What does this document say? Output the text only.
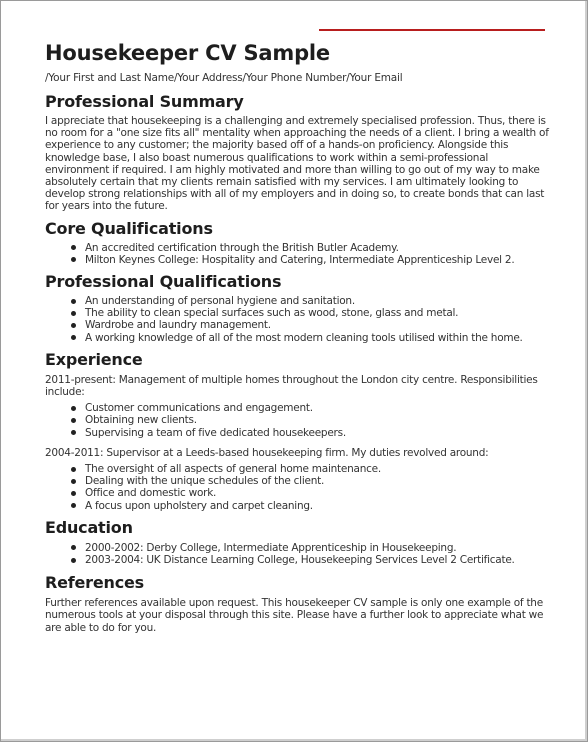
Housekeeper CV Sample
/Your First and Last Name/Your Address/Your Phone Number/Your Email
Professional Summary

I appreciate that housekeeping is a challenging and extremely specialised profession. Thus, there is no room for a "one size fits all" mentality when approaching the needs of a client. I bring a wealth of experience to any customer; the majority based off of a hands-on proficiency. Alongside this knowledge base, I also boast numerous qualifications to work within a semi-professional environment if required. I am highly motivated and more than willing to go out of my way to make absolutely certain that my clients remain satisfied with my services. I am ultimately looking to develop strong relationships with all of my employers and in doing so, to create bonds that can last for years into the future.

Core Qualifications
An accredited certification through the British Butler Academy.
Milton Keynes College: Hospitality and Catering, Intermediate Apprenticeship Level 2.
Professional Qualifications
An understanding of personal hygiene and sanitation.
The ability to clean special surfaces such as wood, stone, glass and metal.
Wardrobe and laundry management.
A working knowledge of all of the most modern cleaning tools utilised within the home.
Experience

2011-present: Management of multiple homes throughout the London city centre. Responsibilities include:

Customer communications and engagement.
Obtaining new clients.
Supervising a team of five dedicated housekeepers.

2004-2011: Supervisor at a Leeds-based housekeeping firm. My duties revolved around:

The oversight of all aspects of general home maintenance.
Dealing with the unique schedules of the client.
Office and domestic work.
A focus upon upholstery and carpet cleaning.
Education
2000-2002: Derby College, Intermediate Apprenticeship in Housekeeping.
2003-2004: UK Distance Learning College, Housekeeping Services Level 2 Certificate.
References

Further references available upon request. This housekeeper CV sample is only one example of the numerous tools at your disposal through this site. Please have a further look to appreciate what we are able to do for you.
